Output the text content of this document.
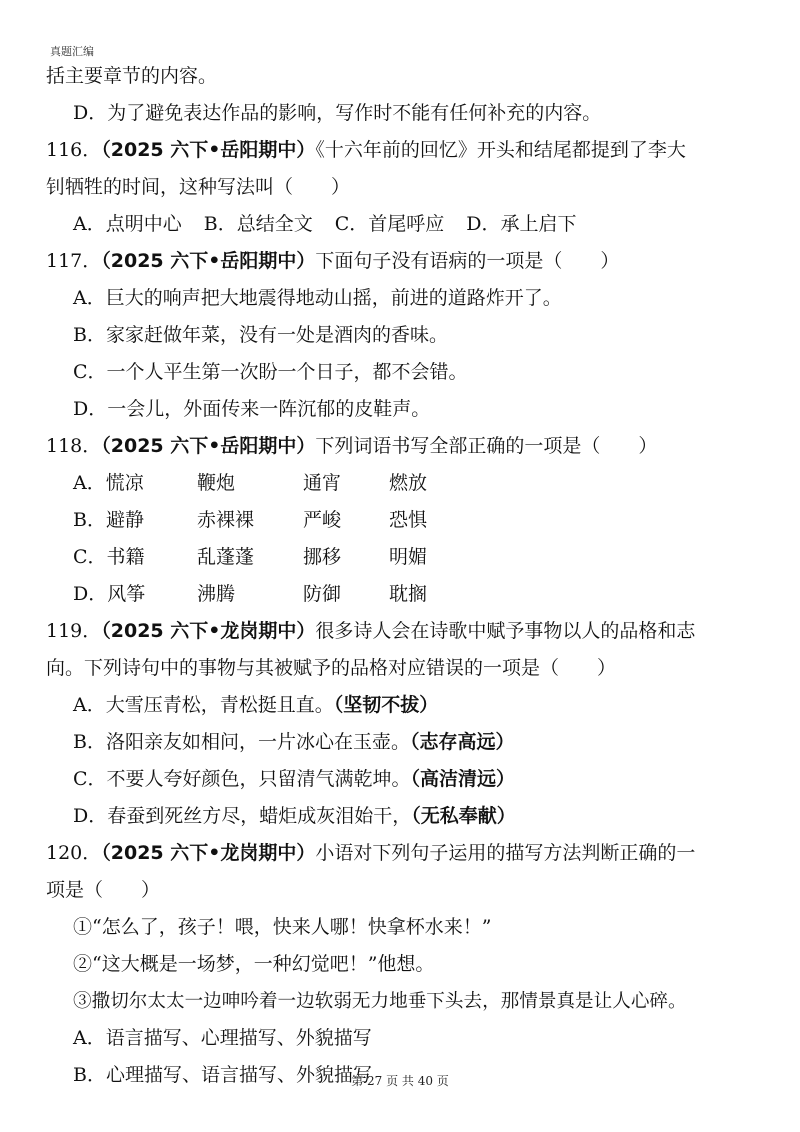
真题汇编
括主要章节的内容。
D．为了避免表达作品的影响，写作时不能有任何补充的内容。
116．（2025 六下•岳阳期中）《十六年前的回忆》开头和结尾都提到了李大
钊牺牲的时间，这种写法叫（　　）
A．点明中心 B．总结全文 C．首尾呼应 D．承上启下
117．（2025 六下•岳阳期中）下面句子没有语病的一项是（　　）
A．巨大的响声把大地震得地动山摇，前进的道路炸开了。
B．家家赶做年菜，没有一处是酒肉的香味。
C．一个人平生第一次盼一个日子，都不会错。
D．一会儿，外面传来一阵沉郁的皮鞋声。
118．（2025 六下•岳阳期中）下列词语书写全部正确的一项是（　　）
A．慌凉	鞭炮	通宵	燃放
B．避静	赤裸裸	严峻	恐惧
C．书籍	乱蓬蓬	挪移	明媚
D．风筝	沸腾	防御	耽搁
119．（2025 六下•龙岗期中）很多诗人会在诗歌中赋予事物以人的品格和志
向。下列诗句中的事物与其被赋予的品格对应错误的一项是（　　）
A．大雪压青松，青松挺且直。（坚韧不拔）
B．洛阳亲友如相问，一片冰心在玉壶。（志存高远）
C．不要人夸好颜色，只留清气满乾坤。（高洁清远）
D．春蚕到死丝方尽，蜡炬成灰泪始干，（无私奉献）
120．（2025 六下•龙岗期中）小语对下列句子运用的描写方法判断正确的一
项是（　　）
①“怎么了，孩子！喂，快来人哪！快拿杯水来！”
②“这大概是一场梦，一种幻觉吧！”他想。
③撒切尔太太一边呻吟着一边软弱无力地垂下头去，那情景真是让人心碎。
A．语言描写、心理描写、外貌描写
B．心理描写、语言描写、外貌描写
第 27 页 共 40 页
